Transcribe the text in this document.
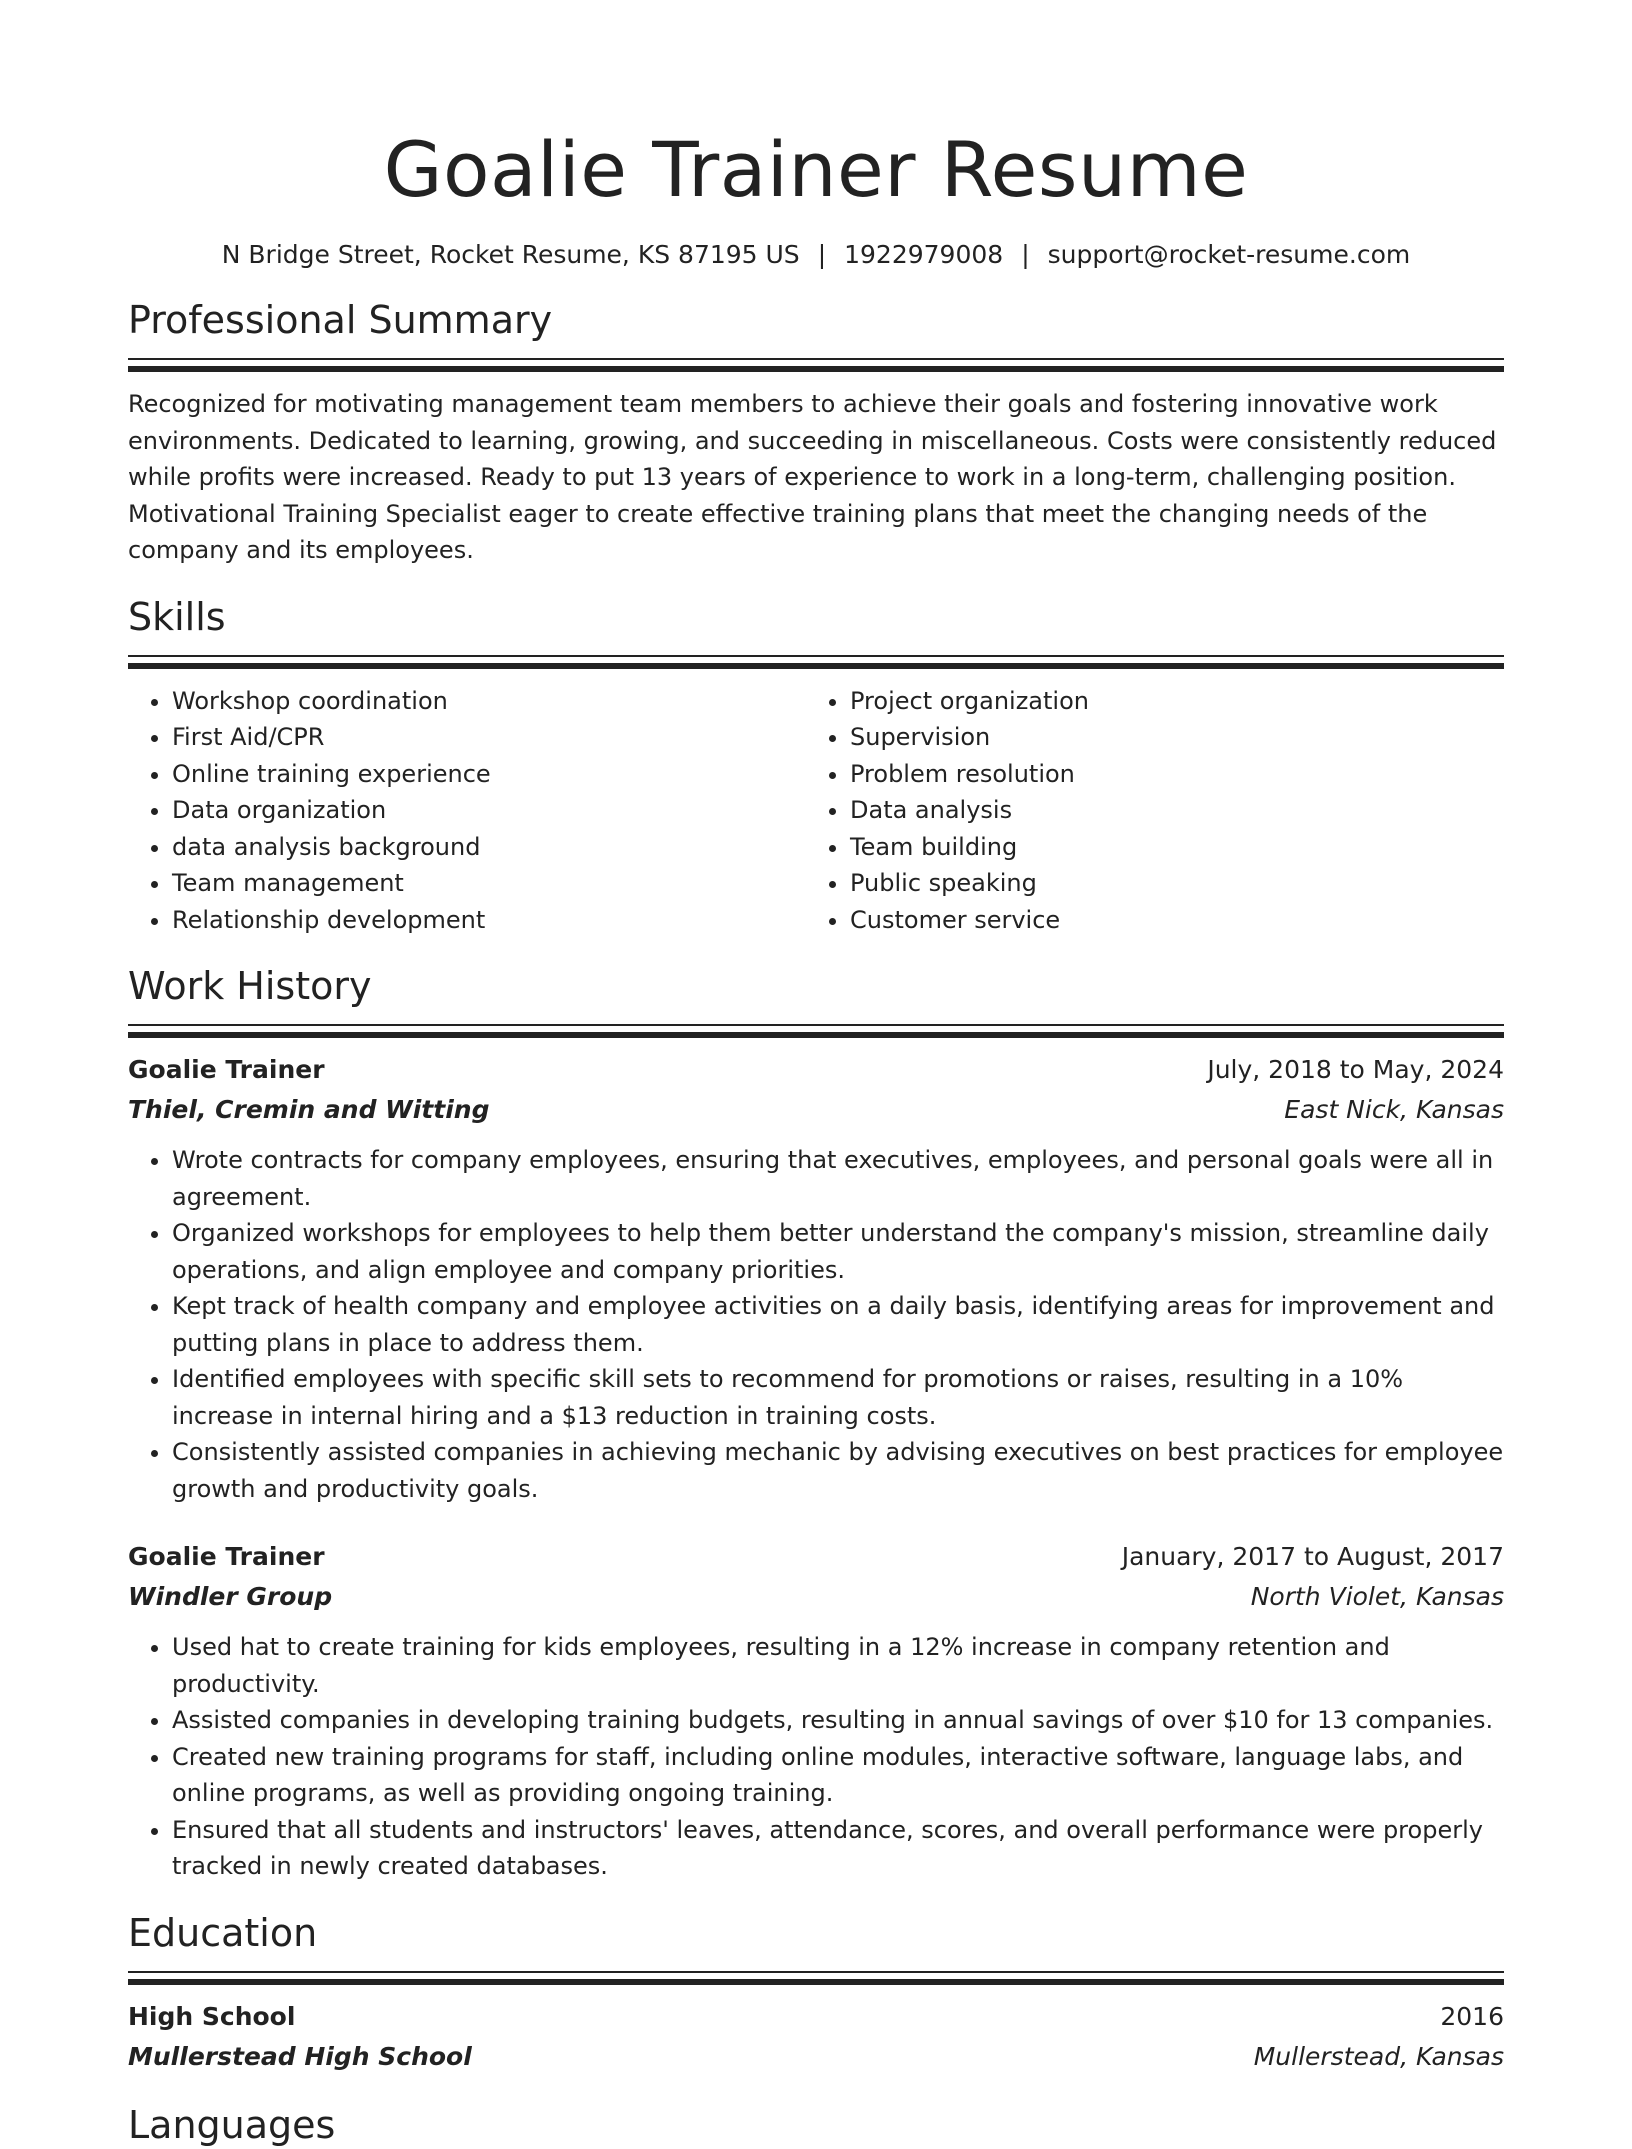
Goalie Trainer Resume
N Bridge Street, Rocket Resume, KS 87195 US | 1922979008 | support@rocket-resume.com
Professional Summary

Recognized for motivating management team members to achieve their goals and fostering innovative work environments. Dedicated to learning, growing, and succeeding in miscellaneous. Costs were consistently reduced while profits were increased. Ready to put 13 years of experience to work in a long-term, challenging position. Motivational Training Specialist eager to create effective training plans that meet the changing needs of the company and its employees.

Skills
• Workshop coordination
• First Aid/CPR
• Online training experience
• Data organization
• data analysis background
• Team management
• Relationship development
• Project organization
• Supervision
• Problem resolution
• Data analysis
• Team building
• Public speaking
• Customer service
Work History
Goalie Trainer	July, 2018 to May, 2024
Thiel, Cremin and Witting	East Nick, Kansas
• Wrote contracts for company employees, ensuring that executives, employees, and personal goals were all in agreement.
• Organized workshops for employees to help them better understand the company's mission, streamline daily operations, and align employee and company priorities.
• Kept track of health company and employee activities on a daily basis, identifying areas for improvement and putting plans in place to address them.
• Identified employees with specific skill sets to recommend for promotions or raises, resulting in a 10% increase in internal hiring and a $13 reduction in training costs.
• Consistently assisted companies in achieving mechanic by advising executives on best practices for employee growth and productivity goals.
Goalie Trainer	January, 2017 to August, 2017
Windler Group	North Violet, Kansas
• Used hat to create training for kids employees, resulting in a 12% increase in company retention and productivity.
• Assisted companies in developing training budgets, resulting in annual savings of over $10 for 13 companies.
• Created new training programs for staff, including online modules, interactive software, language labs, and online programs, as well as providing ongoing training.
• Ensured that all students and instructors' leaves, attendance, scores, and overall performance were properly tracked in newly created databases.
Education
High School	2016
Mullerstead High School	Mullerstead, Kansas
Languages
